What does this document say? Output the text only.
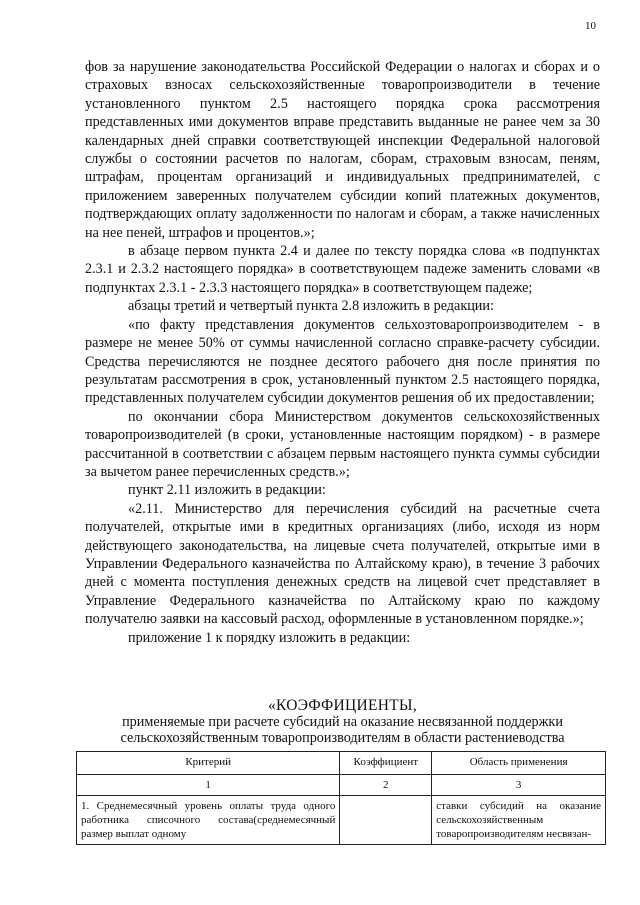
10

фов за нарушение законодательства Российской Федерации о налогах и сборах и о страховых взносах сельскохозяйственные товаропроизводители в течение установленного пунктом 2.5 настоящего порядка срока рассмотрения представленных ими документов вправе представить выданные не ранее чем за 30 календарных дней справки соответствующей инспекции Федеральной налоговой службы о состоянии расчетов по налогам, сборам, страховым взносам, пеням, штрафам, процентам организаций и индивидуальных предпринимателей, с приложением заверенных получателем субсидии копий платежных документов, подтверждающих оплату задолженности по налогам и сборам, а также начисленных на нее пеней, штрафов и процентов.»;

в абзаце первом пункта 2.4 и далее по тексту порядка слова «в подпунктах 2.3.1 и 2.3.2 настоящего порядка» в соответствующем падеже заменить словами «в подпунктах 2.3.1 - 2.3.3 настоящего порядка» в соответствующем падеже;

абзацы третий и четвертый пункта 2.8 изложить в редакции:

«по факту представления документов сельхозтоваропроизводителем - в размере не менее 50% от суммы начисленной согласно справке-расчету субсидии. Средства перечисляются не позднее десятого рабочего дня после принятия по результатам рассмотрения в срок, установленный пунктом 2.5 настоящего порядка, представленных получателем субсидии документов решения об их предоставлении;

по окончании сбора Министерством документов сельскохозяйственных товаропроизводителей (в сроки, установленные настоящим порядком) - в размере рассчитанной в соответствии с абзацем первым настоящего пункта суммы субсидии за вычетом ранее перечисленных средств.»;

пункт 2.11 изложить в редакции:

«2.11. Министерство для перечисления субсидий на расчетные счета получателей, открытые ими в кредитных организациях (либо, исходя из норм действующего законодательства, на лицевые счета получателей, открытые ими в Управлении Федерального казначейства по Алтайскому краю), в течение 3 рабочих дней с момента поступления денежных средств на лицевой счет представляет в Управление Федерального казначейства по Алтайскому краю по каждому получателю заявки на кассовый расход, оформленные в установленном порядке.»;

приложение 1 к порядку изложить в редакции:

«КОЭФФИЦИЕНТЫ,
применяемые при расчете субсидий на оказание несвязанной поддержки сельскохозяйственным товаропроизводителям в области растениеводства
Критерий	Коэффициент	Область применения
1	2	3
1. Среднемесячный уровень оплаты труда одного работника списочного состава(среднемесячный размер выплат одному		ставки субсидий на оказание сельскохозяйственным товаропроизводителям несвязан-
